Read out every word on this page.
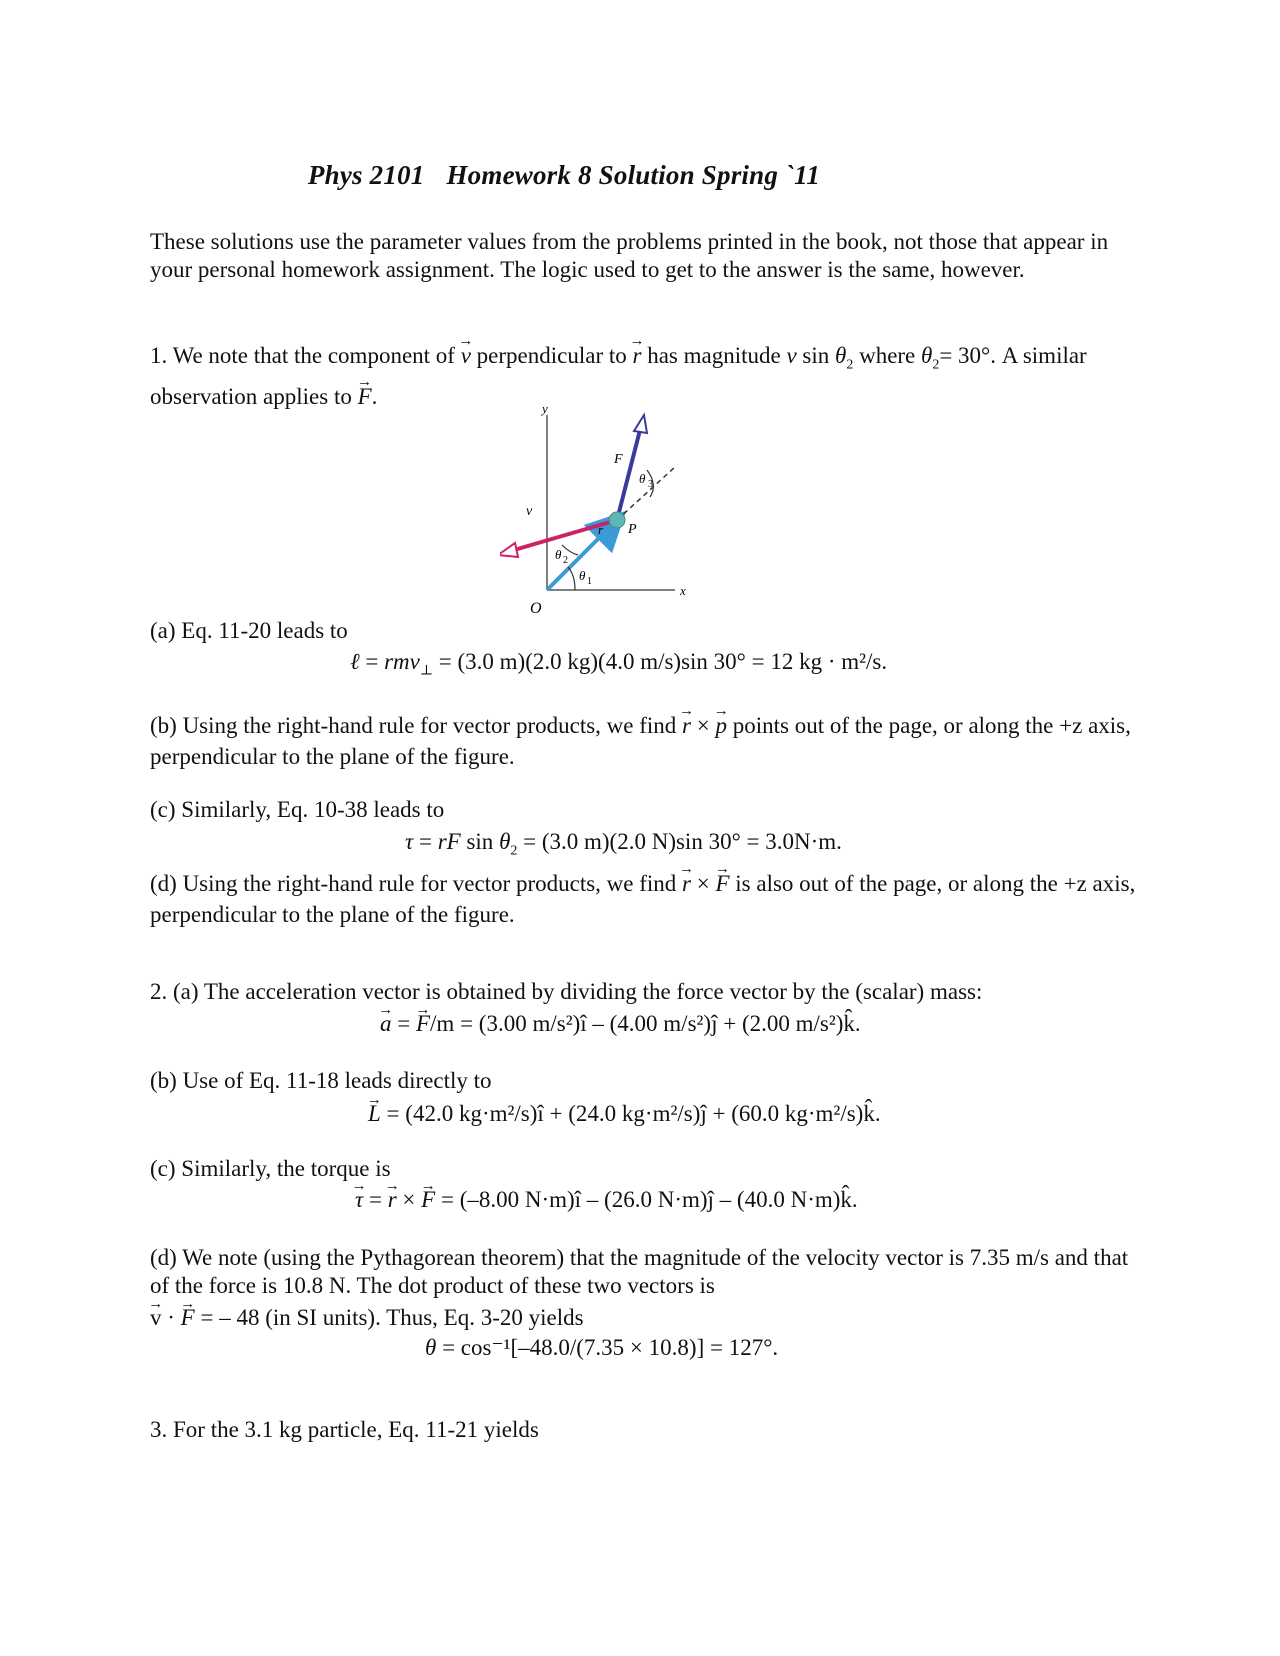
Phys 2101 Homework 8 Solution Spring `11
These solutions use the parameter values from the problems printed in the book, not those that appear in your personal homework assignment. The logic used to get to the answer is the same, however.
1. We note that the component of → v perpendicular to → r has magnitude v $\sin \theta_2$ where $\theta_2= 30^\circ$. A similar observation applies to → F.	y
x
O
P
F
v
r
θ 3
θ 2
θ 1
(a) Eq. 11-20 leads to
ℓ = rmv$_\perp$ = (3.0 m)(2.0 kg)(4.0 m/s)sin 30° = 12 kg · m²/s.
(b) Using the right-hand rule for vector products, we find → r × → p points out of the page, or along the +z axis, perpendicular to the plane of the figure.
(c) Similarly, Eq. 10-38 leads to
τ = rF $\sin \theta_2 = (3.0$ m)(2.0 N)sin 30° = 3.0N·m.
(d) Using the right-hand rule for vector products, we find → r × → F is also out of the page, or along the +z axis, perpendicular to the plane of the figure.
2. (a) The acceleration vector is obtained by dividing the force vector by the (scalar) mass:
→ a = → F/m = (3.00 m/s²)î – (4.00 m/s²)ĵ + (2.00 m/s²)k̂.
(b) Use of Eq. 11-18 leads directly to
→ L = (42.0 kg·m²/s)î + (24.0 kg·m²/s)ĵ + (60.0 kg·m²/s)k̂.
(c) Similarly, the torque is
→ τ = → r × → F = (–8.00 N·m)î – (26.0 N·m)ĵ – (40.0 N·m)k̂.
(d) We note (using the Pythagorean theorem) that the magnitude of the velocity vector is 7.35 m/s and that of the force is 10.8 N. The dot product of these two vectors is
→ v · → F = – 48 (in SI units). Thus, Eq. 3-20 yields
θ = cos⁻¹[–48.0/(7.35 × 10.8)] = 127°.
3. For the 3.1 kg particle, Eq. 11-21 yields
